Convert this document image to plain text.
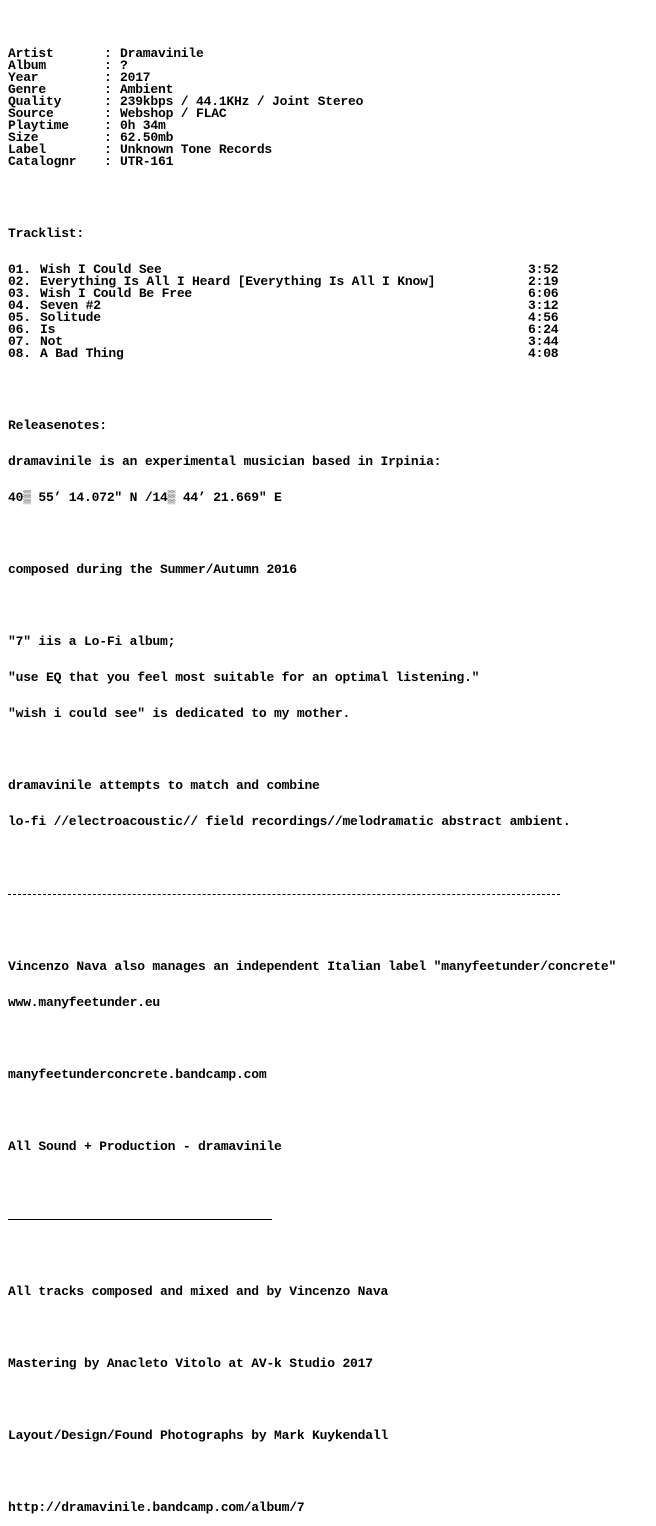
Artist	: Dramavinile
Album	: ?
Year	: 2017
Genre	: Ambient
Quality	: 239kbps / 44.1KHz / Joint Stereo
Source	: Webshop / FLAC
Playtime	: 0h 34m
Size	: 62.50mb
Label	: Unknown Tone Records
Catalognr : UTR-161

Tracklist:

01. Wish I Could See	3:52
02. Everything Is All I Heard [Everything Is All I Know]	2:19
03. Wish I Could Be Free	6:06
04. Seven #2	3:12
05. Solitude	4:56
06. Is	6:24
07. Not	3:44
08. A Bad Thing	4:08

Releasenotes:

dramavinile is an experimental musician based in Irpinia:

40▒ 55’ 14.072" N /14▒ 44’ 21.669" E

composed during the Summer/Autumn 2016

"7" iis a Lo-Fi album;

"use EQ that you feel most suitable for an optimal listening."

"wish i could see" is dedicated to my mother.

dramavinile attempts to match and combine

lo-fi //electroacoustic// field recordings//melodramatic abstract ambient.

Vincenzo Nava also manages an independent Italian label "manyfeetunder/concrete"

www.manyfeetunder.eu

manyfeetunderconcrete.bandcamp.com

All Sound + Production - dramavinile

All tracks composed and mixed and by Vincenzo Nava

Mastering by Anacleto Vitolo at AV-k Studio 2017

Layout/Design/Found Photographs by Mark Kuykendall

http://dramavinile.bandcamp.com/album/7
